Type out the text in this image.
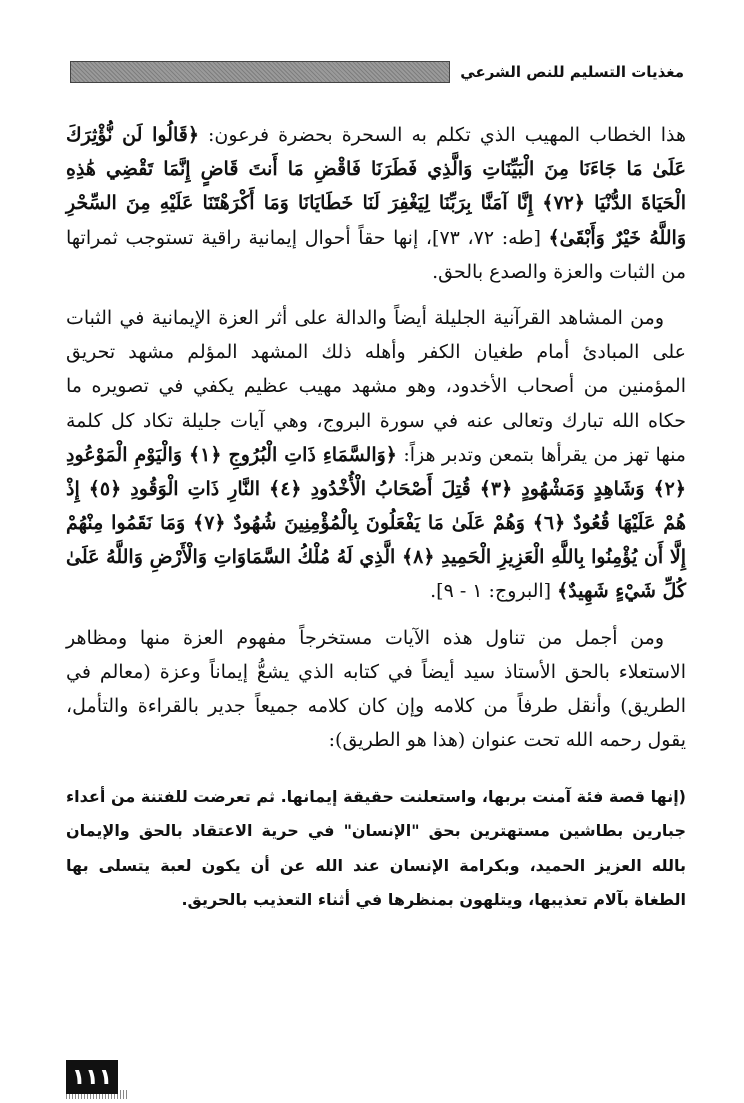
مغذيات التسليم للنص الشرعي

هذا الخطاب المهيب الذي تكلم به السحرة بحضرة فرعون: ﴿قَالُوا لَن نُّؤْثِرَكَ عَلَىٰ مَا جَاءَنَا مِنَ الْبَيِّنَاتِ وَالَّذِي فَطَرَنَا فَاقْضِ مَا أَنتَ قَاضٍ إِنَّمَا تَقْضِي هَٰذِهِ الْحَيَاةَ الدُّنْيَا ﴿٧٢﴾ إِنَّا آمَنَّا بِرَبِّنَا لِيَغْفِرَ لَنَا خَطَايَانَا وَمَا أَكْرَهْتَنَا عَلَيْهِ مِنَ السِّحْرِ وَاللَّهُ خَيْرٌ وَأَبْقَىٰ﴾ [طه: ٧٢، ٧٣]، إنها حقاً أحوال إيمانية راقية تستوجب ثمراتها من الثبات والعزة والصدع بالحق.

ومن المشاهد القرآنية الجليلة أيضاً والدالة على أثر العزة الإيمانية في الثبات على المبادئ أمام طغيان الكفر وأهله ذلك المشهد المؤلم مشهد تحريق المؤمنين من أصحاب الأخدود، وهو مشهد مهيب عظيم يكفي في تصويره ما حكاه الله تبارك وتعالى عنه في سورة البروج، وهي آيات جليلة تكاد كل كلمة منها تهز من يقرأها بتمعن وتدبر هزاً: ﴿وَالسَّمَاءِ ذَاتِ الْبُرُوجِ ﴿١﴾ وَالْيَوْمِ الْمَوْعُودِ ﴿٢﴾ وَشَاهِدٍ وَمَشْهُودٍ ﴿٣﴾ قُتِلَ أَصْحَابُ الْأُخْدُودِ ﴿٤﴾ النَّارِ ذَاتِ الْوَقُودِ ﴿٥﴾ إِذْ هُمْ عَلَيْهَا قُعُودٌ ﴿٦﴾ وَهُمْ عَلَىٰ مَا يَفْعَلُونَ بِالْمُؤْمِنِينَ شُهُودٌ ﴿٧﴾ وَمَا نَقَمُوا مِنْهُمْ إِلَّا أَن يُؤْمِنُوا بِاللَّهِ الْعَزِيزِ الْحَمِيدِ ﴿٨﴾ الَّذِي لَهُ مُلْكُ السَّمَاوَاتِ وَالْأَرْضِ وَاللَّهُ عَلَىٰ كُلِّ شَيْءٍ شَهِيدٌ﴾ [البروج: ١ - ٩].

ومن أجمل من تناول هذه الآيات مستخرجاً مفهوم العزة منها ومظاهر الاستعلاء بالحق الأستاذ سيد أيضاً في كتابه الذي يشعُّ إيماناً وعزة (معالم في الطريق) وأنقل طرفاً من كلامه وإن كان كلامه جميعاً جدير بالقراءة والتأمل، يقول رحمه الله تحت عنوان (هذا هو الطريق):

(إنها قصة فئة آمنت بربها، واستعلنت حقيقة إيمانها. ثم تعرضت للفتنة من أعداء جبارين بطاشين مستهترين بحق "الإنسان" في حرية الاعتقاد بالحق والإيمان بالله العزيز الحميد، وبكرامة الإنسان عند الله عن أن يكون لعبة يتسلى بها الطغاة بآلام تعذيبها، ويتلهون بمنظرها في أثناء التعذيب بالحريق.
١١١
